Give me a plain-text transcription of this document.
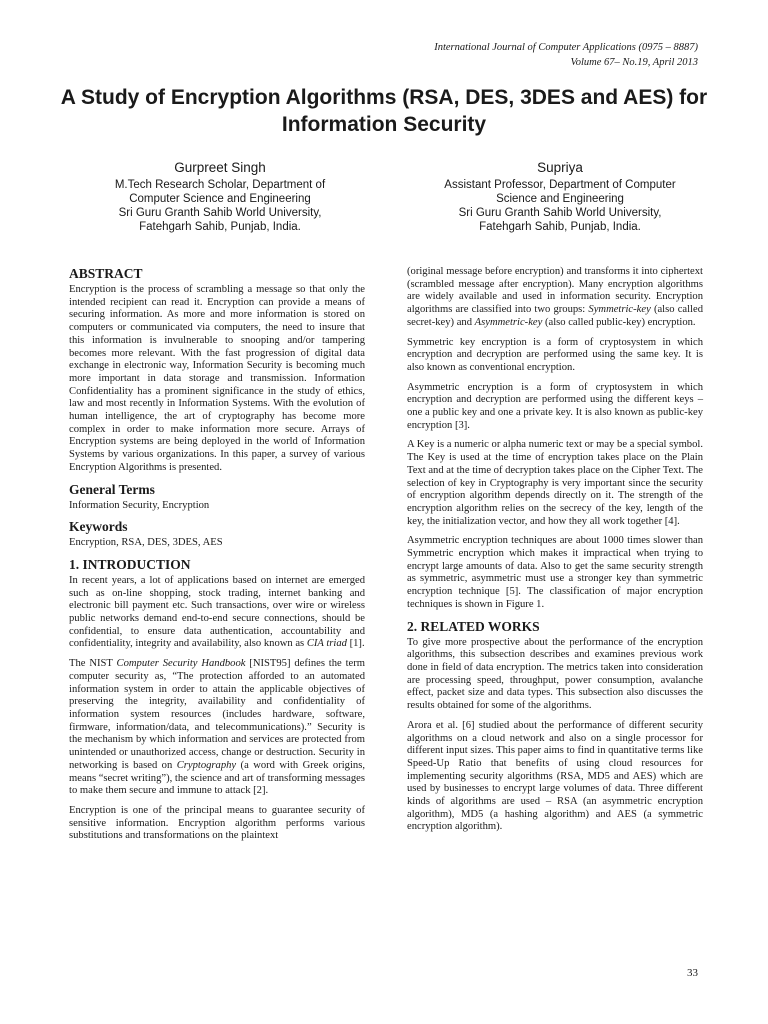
International Journal of Computer Applications (0975 – 8887)
Volume 67– No.19, April 2013
A Study of Encryption Algorithms (RSA, DES, 3DES and AES) for Information Security
Gurpreet Singh
M.Tech Research Scholar, Department of
Computer Science and Engineering
Sri Guru Granth Sahib World University,
Fatehgarh Sahib, Punjab, India.
Supriya
Assistant Professor, Department of Computer
Science and Engineering
Sri Guru Granth Sahib World University,
Fatehgarh Sahib, Punjab, India.
ABSTRACT

Encryption is the process of scrambling a message so that only the intended recipient can read it. Encryption can provide a means of securing information. As more and more information is stored on computers or communicated via computers, the need to insure that this information is invulnerable to snooping and/or tampering becomes more relevant. With the fast progression of digital data exchange in electronic way, Information Security is becoming much more important in data storage and transmission. Information Confidentiality has a prominent significance in the study of ethics, law and most recently in Information Systems. With the evolution of human intelligence, the art of cryptography has become more complex in order to make information more secure. Arrays of Encryption systems are being deployed in the world of Information Systems by various organizations. In this paper, a survey of various Encryption Algorithms is presented.

General Terms

Information Security, Encryption

Keywords

Encryption, RSA, DES, 3DES, AES

1. INTRODUCTION

In recent years, a lot of applications based on internet are emerged such as on-line shopping, stock trading, internet banking and electronic bill payment etc. Such transactions, over wire or wireless public networks demand end-to-end secure connections, should be confidential, to ensure data authentication, accountability and confidentiality, integrity and availability, also known as CIA triad [1].

The NIST Computer Security Handbook [NIST95] defines the term computer security as, “The protection afforded to an automated information system in order to attain the applicable objectives of preserving the integrity, availability and confidentiality of information system resources (includes hardware, software, firmware, information/data, and telecommunications).” Security is the mechanism by which information and services are protected from unintended or unauthorized access, change or destruction. Security in networking is based on Cryptography (a word with Greek origins, means “secret writing”), the science and art of transforming messages to make them secure and immune to attack [2].

Encryption is one of the principal means to guarantee security of sensitive information. Encryption algorithm performs various substitutions and transformations on the plaintext

(original message before encryption) and transforms it into ciphertext (scrambled message after encryption). Many encryption algorithms are widely available and used in information security. Encryption algorithms are classified into two groups: Symmetric-key (also called secret-key) and Asymmetric-key (also called public-key) encryption.

Symmetric key encryption is a form of cryptosystem in which encryption and decryption are performed using the same key. It is also known as conventional encryption.

Asymmetric encryption is a form of cryptosystem in which encryption and decryption are performed using the different keys – one a public key and one a private key. It is also known as public-key encryption [3].

A Key is a numeric or alpha numeric text or may be a special symbol. The Key is used at the time of encryption takes place on the Plain Text and at the time of decryption takes place on the Cipher Text. The selection of key in Cryptography is very important since the security of encryption algorithm depends directly on it. The strength of the encryption algorithm relies on the secrecy of the key, length of the key, the initialization vector, and how they all work together [4].

Asymmetric encryption techniques are about 1000 times slower than Symmetric encryption which makes it impractical when trying to encrypt large amounts of data. Also to get the same security strength as symmetric, asymmetric must use a stronger key than symmetric encryption technique [5]. The classification of major encryption techniques is shown in Figure 1.

2. RELATED WORKS

To give more prospective about the performance of the encryption algorithms, this subsection describes and examines previous work done in field of data encryption. The metrics taken into consideration are processing speed, throughput, power consumption, avalanche effect, packet size and data types. This subsection also discusses the results obtained for some of the algorithms.

Arora et al. [6] studied about the performance of different security algorithms on a cloud network and also on a single processor for different input sizes. This paper aims to find in quantitative terms like Speed-Up Ratio that benefits of using cloud resources for implementing security algorithms (RSA, MD5 and AES) which are used by businesses to encrypt large volumes of data. Three different kinds of algorithms are used – RSA (an asymmetric encryption algorithm), MD5 (a hashing algorithm) and AES (a symmetric encryption algorithm).

33
